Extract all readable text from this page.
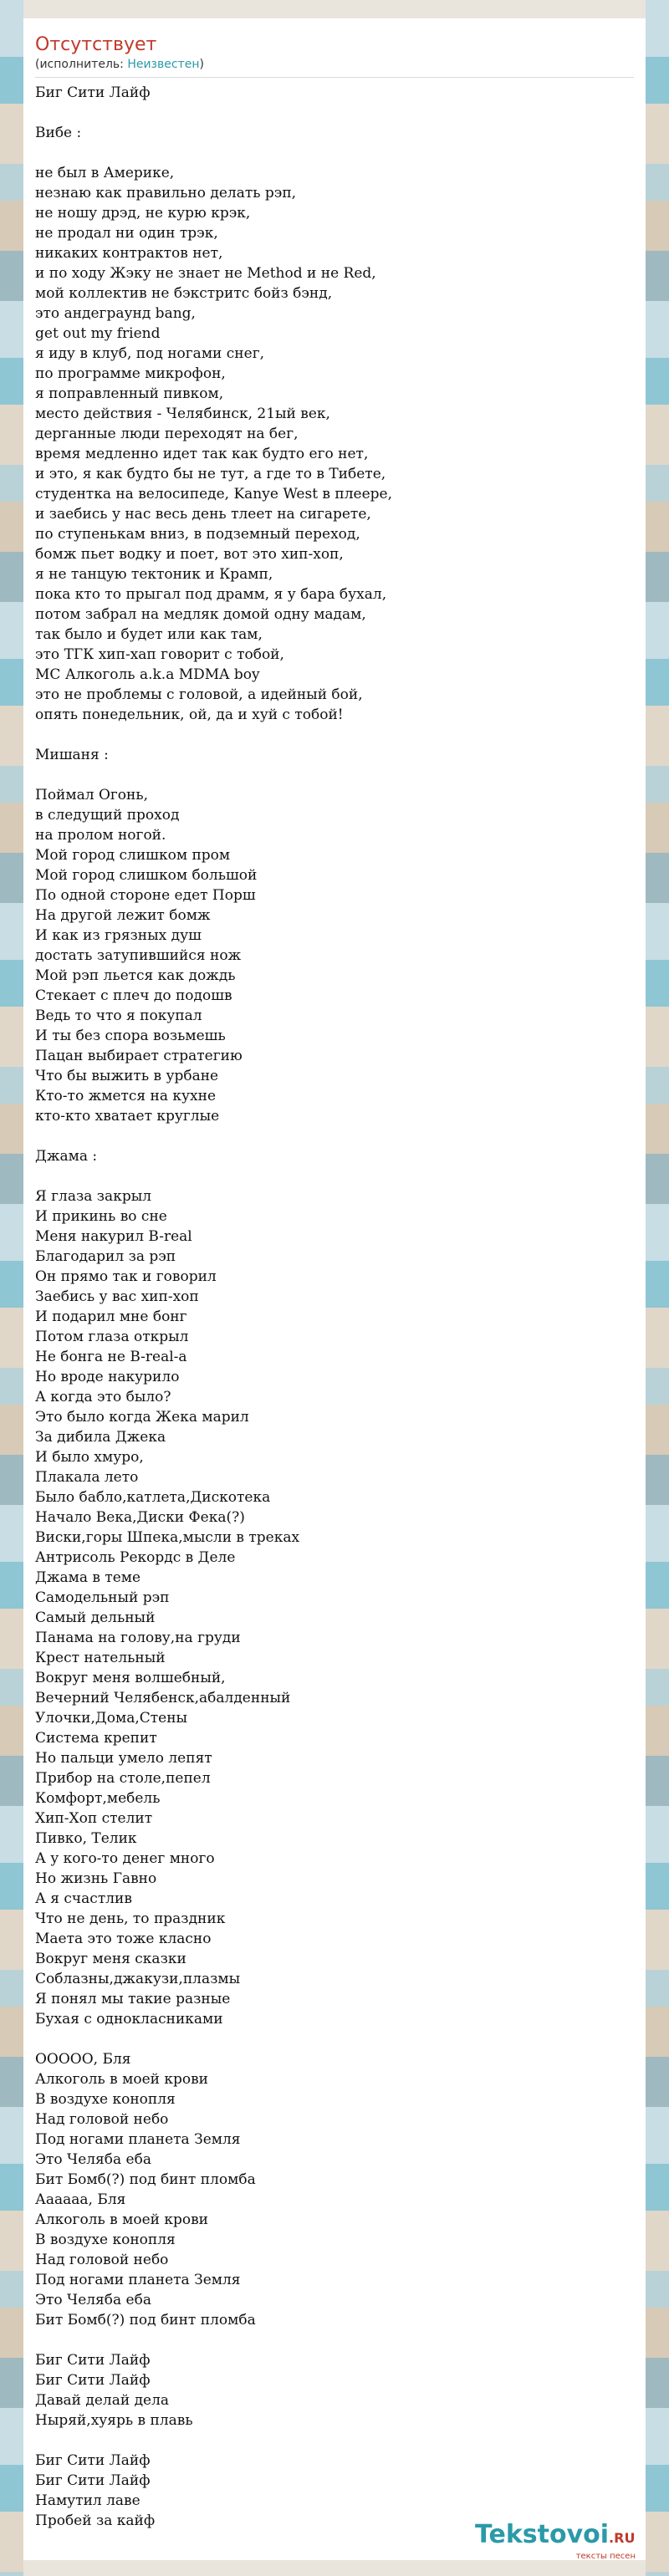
Отсутствует
(исполнитель: Неизвестен)
Биг Сити Лайф

Вибе :

не был в Америке,
незнаю как правильно делать рэп,
не ношу дрэд, не курю крэк,
не продал ни один трэк,
никаких контрактов нет,
и по ходу Жэку не знает не Method и не Red,
мой коллектив не бэкстритс бойз бэнд,
это андеграунд bang,
get out my friend
я иду в клуб, под ногами снег,
по программе микрофон,
я поправленный пивком,
место действия - Челябинск, 21ый век,
дерганные люди переходят на бег,
время медленно идет так как будто его нет,
и это, я как будто бы не тут, а где то в Тибете,
студентка на велосипеде, Kanye West в плеере,
и заебись у нас весь день тлеет на сигарете,
по ступенькам вниз, в подземный переход,
бомж пьет водку и поет, вот это хип-хоп,
я не танцую тектоник и Крамп,
пока кто то прыгал под драмм, я у бара бухал,
потом забрал на медляк домой одну мадам,
так было и будет или как там,
это ТГК хип-хап говорит с тобой,
MC Алкоголь a.k.a MDMA boy
это не проблемы с головой, а идейный бой,
опять понедельник, ой, да и хуй с тобой!

Мишаня :

Поймал Огонь,
в следущий проход
на пролом ногой.
Мой город слишком пром
Мой город слишком большой
По одной стороне едет Порш
На другой лежит бомж
И как из грязных душ
достать затупившийся нож
Мой рэп льется как дождь
Стекает с плеч до подошв
Ведь то что я покупал
И ты без спора возьмешь
Пацан выбирает стратегию
Что бы выжить в урбане
Кто-то жмется на кухне
кто-кто хватает круглые

Джама :

Я глаза закрыл
И прикинь во сне
Меня накурил B-real
Благодарил за рэп
Он прямо так и говорил
Заебись у вас хип-хоп
И подарил мне бонг
Потом глаза открыл
Не бонга не B-real-а
Но вроде накурило
А когда это было?
Это было когда Жека марил
За дибила Джека
И было хмуро,
Плакала лето
Было бабло,катлета,Дискотека
Начало Века,Диски Фека(?)
Виски,горы Шпека,мысли в треках
Антрисоль Рекордс в Деле
Джама в теме
Самодельный рэп
Самый дельный
Панама на голову,на груди
Крест нательный
Вокруг меня волшебный,
Вечерний Челябенск,абалденный
Улочки,Дома,Стены
Система крепит
Но пальци умело лепят
Прибор на столе,пепел
Комфорт,мебель
Хип-Хоп стелит
Пивко, Телик
А у кого-то денег много
Но жизнь Гавно
А я счастлив
Что не день, то праздник
Маета это тоже класно
Вокруг меня сказки
Соблазны,джакузи,плазмы
Я понял мы такие разные
Бухая с однокласниками

ООООО, Бля
Алкоголь в моей крови
В воздухе конопля
Над головой небо
Под ногами планета Земля
Это Челяба еба
Бит Бомб(?) под бинт пломба
Аааааа, Бля
Алкоголь в моей крови
В воздухе конопля
Над головой небо
Под ногами планета Земля
Это Челяба еба
Бит Бомб(?) под бинт пломба

Биг Сити Лайф
Биг Сити Лайф
Давай делай дела
Ныряй,хуярь в плавь

Биг Сити Лайф
Биг Сити Лайф
Намутил лаве
Пробей за кайф	Tekstovoi.RU
тексты песен
